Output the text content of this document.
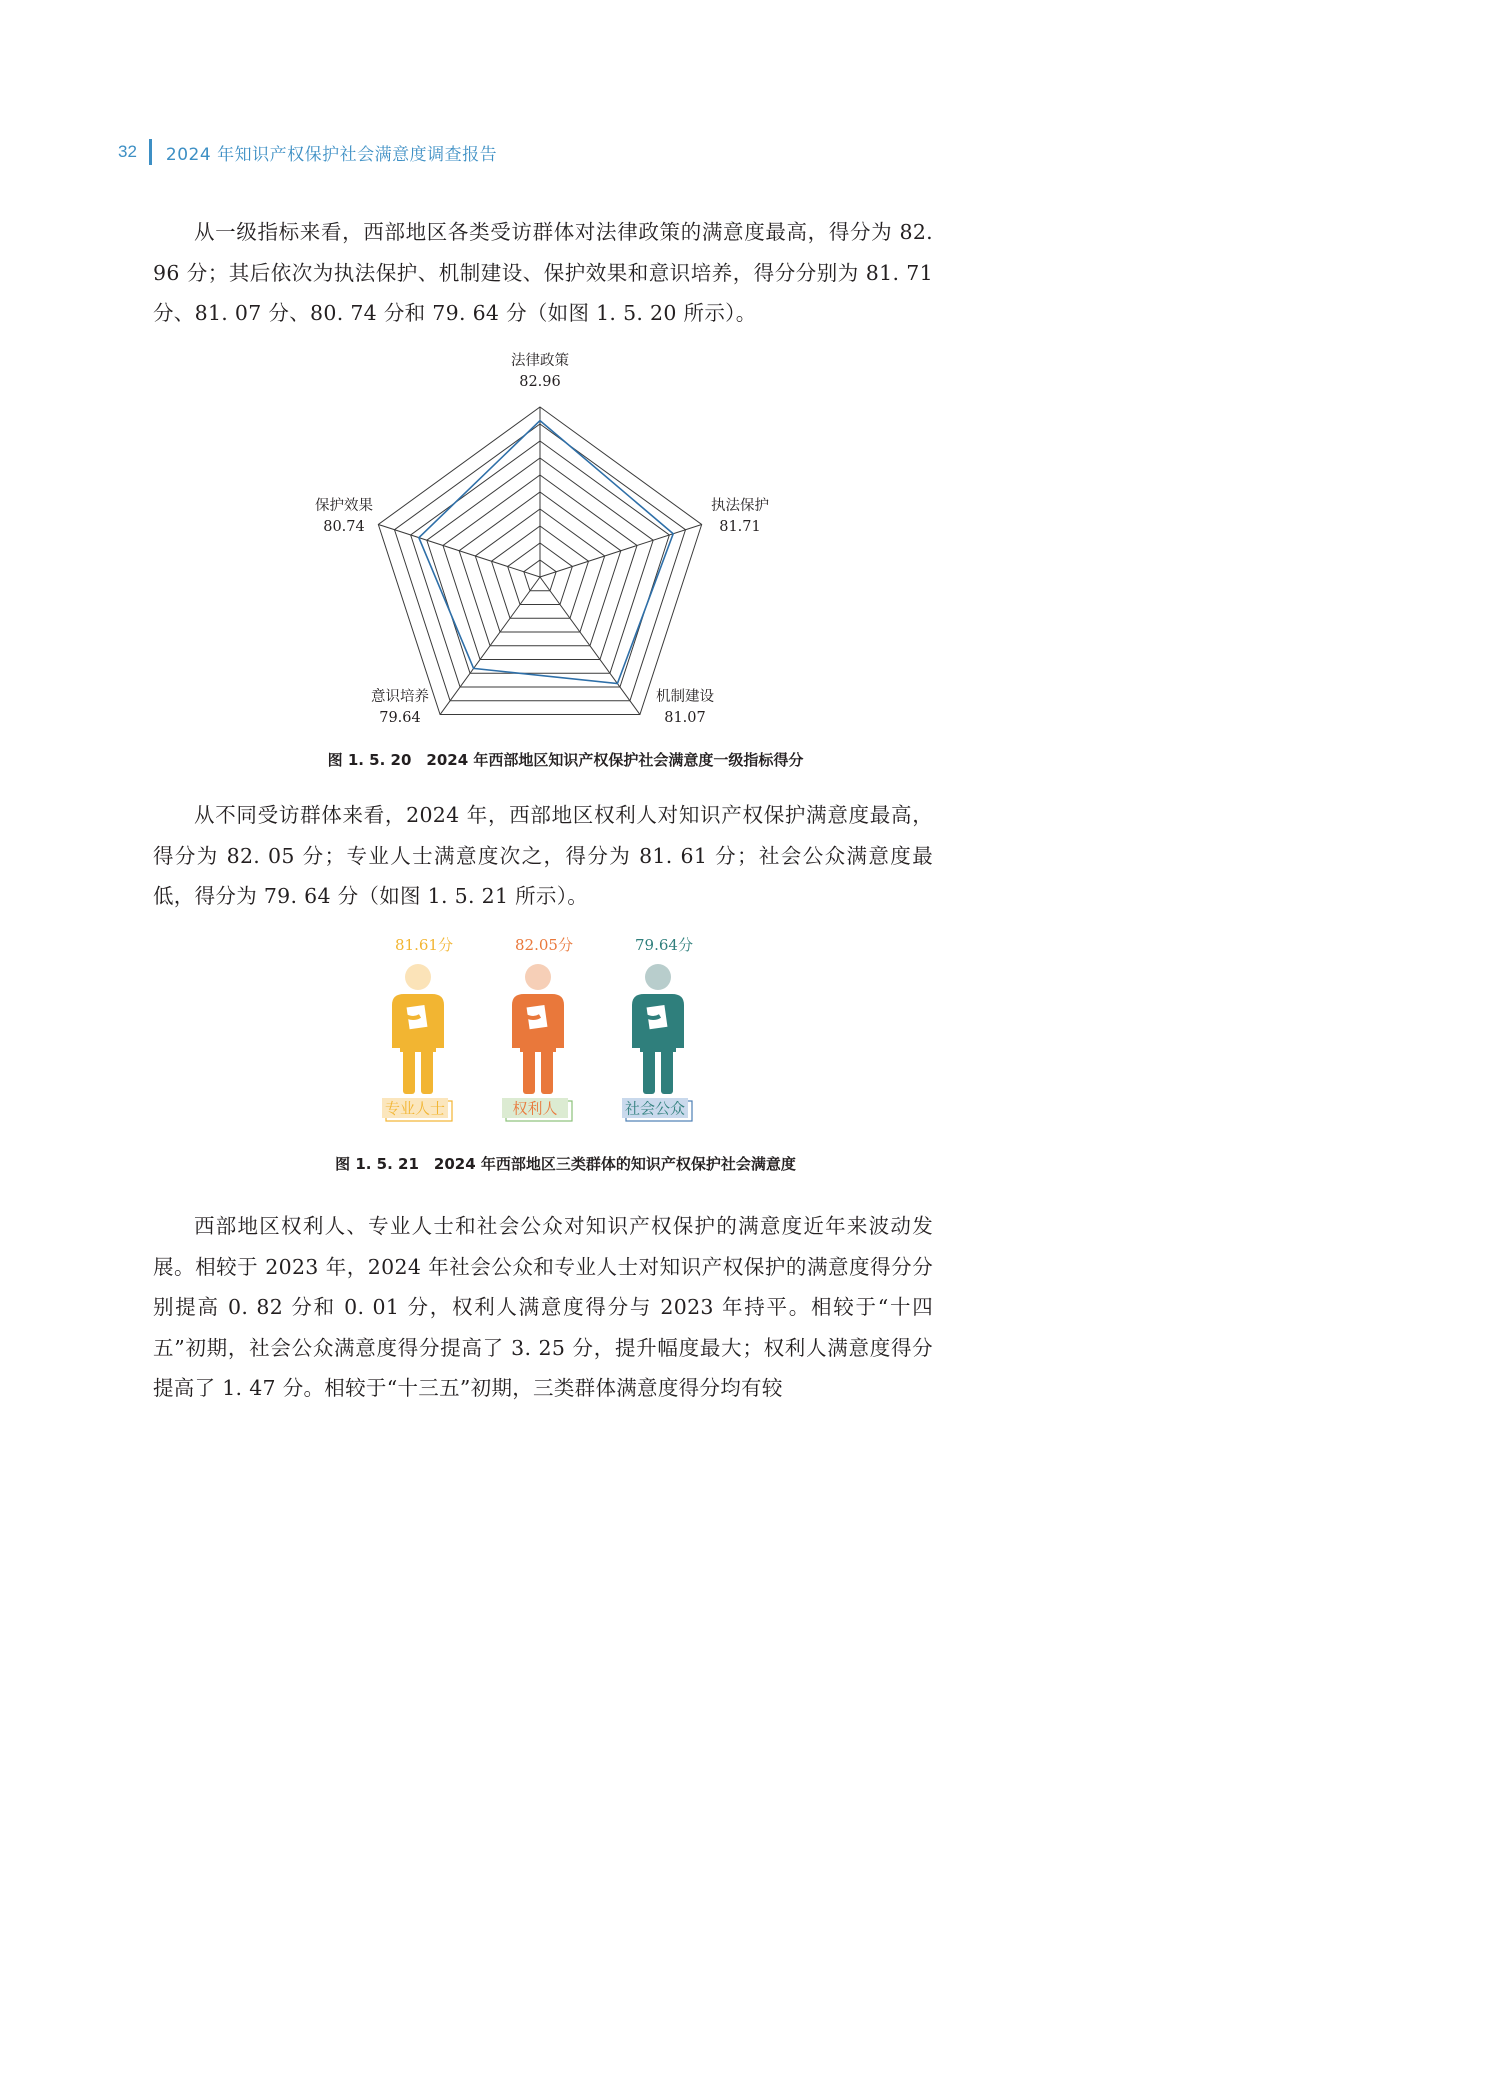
32 2024 年知识产权保护社会满意度调查报告

从一级指标来看，西部地区各类受访群体对法律政策的满意度最高，得分为 82. 96 分；其后依次为执法保护、机制建设、保护效果和意识培养，得分分别为 81. 71 分、81. 07 分、80. 74 分和 79. 64 分（如图 1. 5. 20 所示）。

法律政策
82.96
执法保护
81.71
机制建设
81.07
意识培养
79.64
保护效果
80.74
图 1. 5. 20　2024 年西部地区知识产权保护社会满意度一级指标得分

从不同受访群体来看，2024 年，西部地区权利人对知识产权保护满意度最高，得分为 82. 05 分；专业人士满意度次之，得分为 81. 61 分；社会公众满意度最低，得分为 79. 64 分（如图 1. 5. 21 所示）。

81.61分
专业人士
82.05分
权利人
79.64分
社会公众
图 1. 5. 21　2024 年西部地区三类群体的知识产权保护社会满意度

西部地区权利人、专业人士和社会公众对知识产权保护的满意度近年来波动发展。相较于 2023 年，2024 年社会公众和专业人士对知识产权保护的满意度得分分别提高 0. 82 分和 0. 01 分，权利人满意度得分与 2023 年持平。相较于“十四五”初期，社会公众满意度得分提高了 3. 25 分，提升幅度最大；权利人满意度得分提高了 1. 47 分。相较于“十三五”初期，三类群体满意度得分均有较
